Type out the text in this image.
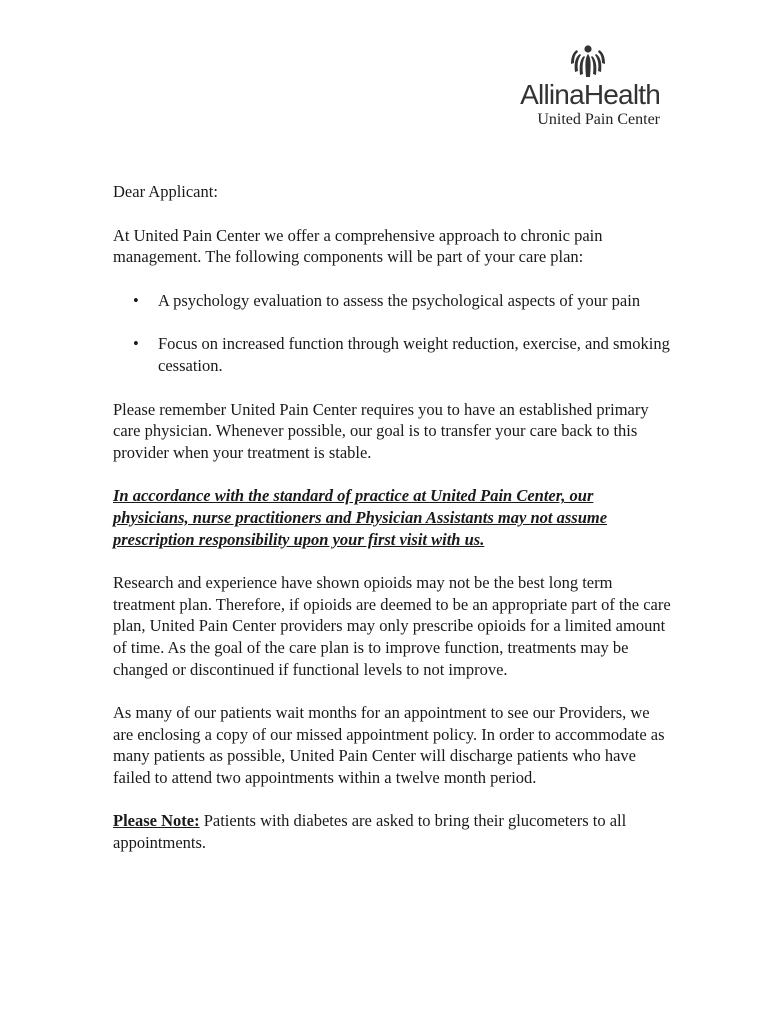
AllinaHealth
United Pain Center

Dear Applicant:

At United Pain Center we offer a comprehensive approach to chronic pain management. The following components will be part of your care plan:

• A psychology evaluation to assess the psychological aspects of your pain
• Focus on increased function through weight reduction, exercise, and smoking cessation.

Please remember United Pain Center requires you to have an established primary care physician. Whenever possible, our goal is to transfer your care back to this provider when your treatment is stable.

In accordance with the standard of practice at United Pain Center, our physicians, nurse practitioners and Physician Assistants may not assume prescription responsibility upon your first visit with us.

Research and experience have shown opioids may not be the best long term treatment plan. Therefore, if opioids are deemed to be an appropriate part of the care plan, United Pain Center providers may only prescribe opioids for a limited amount of time. As the goal of the care plan is to improve function, treatments may be changed or discontinued if functional levels to not improve.

As many of our patients wait months for an appointment to see our Providers, we are enclosing a copy of our missed appointment policy. In order to accommodate as many patients as possible, United Pain Center will discharge patients who have failed to attend two appointments within a twelve month period.

Please Note: Patients with diabetes are asked to bring their glucometers to all appointments.
